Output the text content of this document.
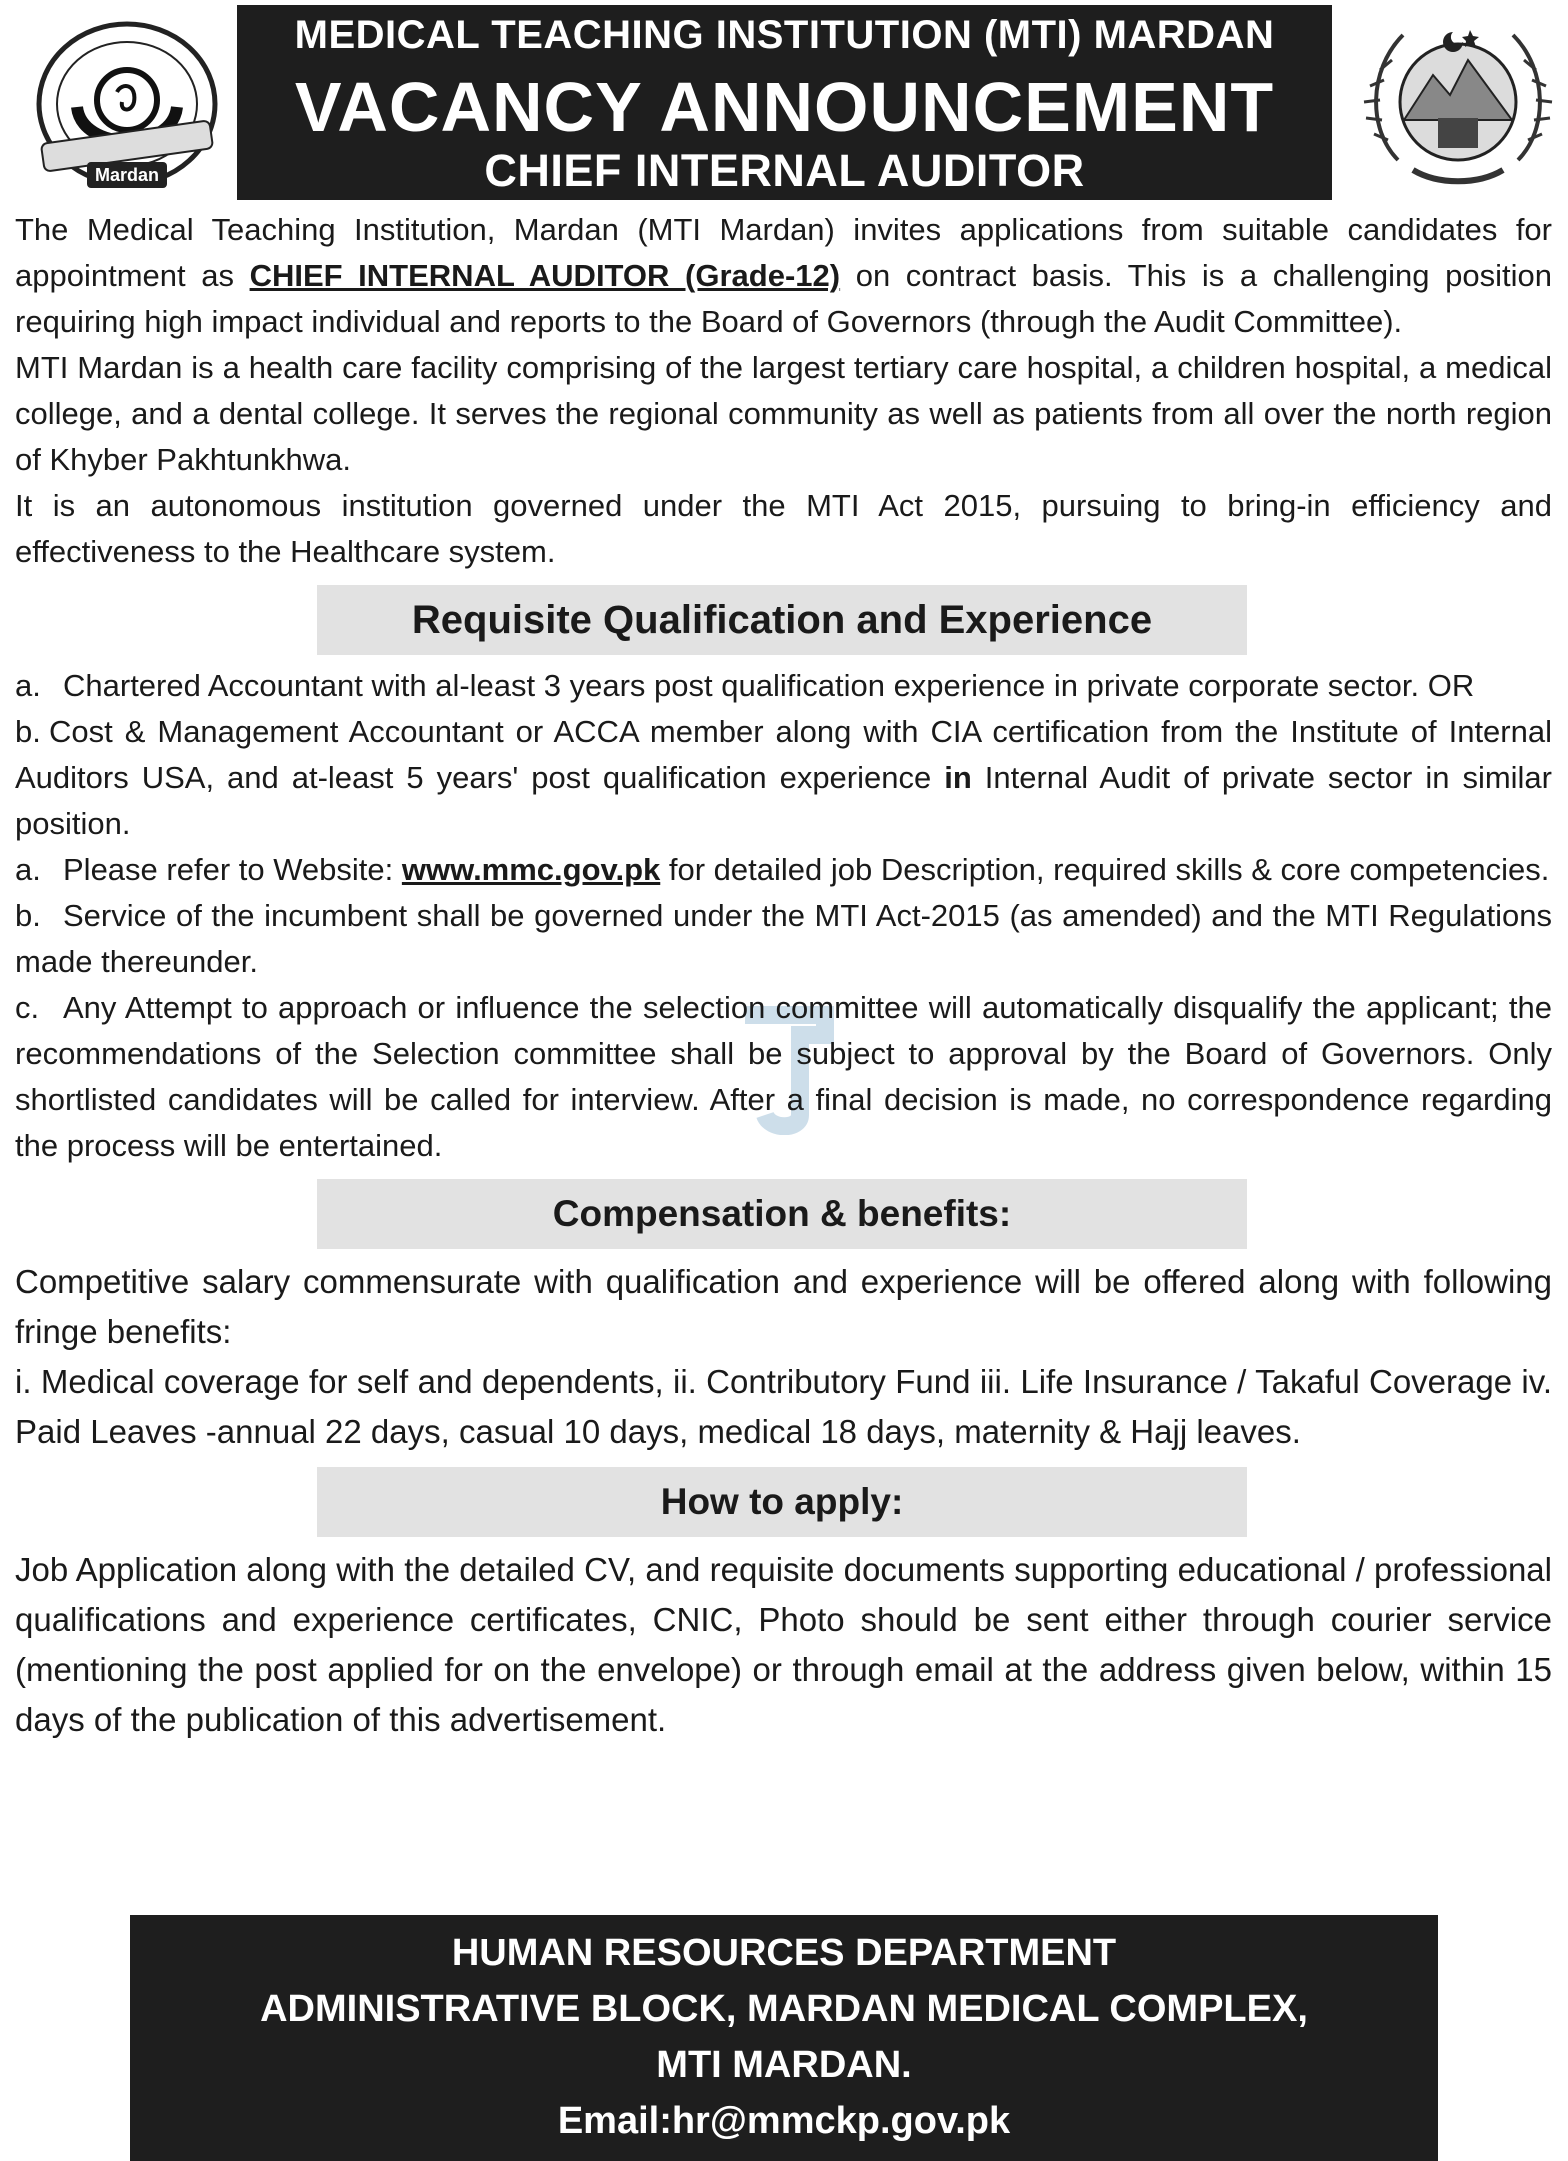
Mardan
MEDICAL TEACHING INSTITUTION (MTI) MARDAN
VACANCY ANNOUNCEMENT
CHIEF INTERNAL AUDITOR

The Medical Teaching Institution, Mardan (MTI Mardan) invites applications from suitable candidates for appointment as CHIEF INTERNAL AUDITOR (Grade-12) on contract basis. This is a challenging position requiring high impact individual and reports to the Board of Governors (through the Audit Committee).

MTI Mardan is a health care facility comprising of the largest tertiary care hospital, a children hospital, a medical college, and a dental college. It serves the regional community as well as patients from all over the north region of Khyber Pakhtunkhwa.

It is an autonomous institution governed under the MTI Act 2015, pursuing to bring-in efficiency and effectiveness to the Healthcare system.

Requisite Qualification and Experience

a. Chartered Accountant with al-least 3 years post qualification experience in private corporate sector. OR

b. Cost & Management Accountant or ACCA member along with CIA certification from the Institute of Internal Auditors USA, and at-least 5 years' post qualification experience in Internal Audit of private sector in similar position.

a. Please refer to Website: www.mmc.gov.pk for detailed job Description, required skills & core competencies.

b. Service of the incumbent shall be governed under the MTI Act-2015 (as amended) and the MTI Regulations made thereunder.

c. Any Attempt to approach or influence the selection committee will automatically disqualify the applicant; the recommendations of the Selection committee shall be subject to approval by the Board of Governors. Only shortlisted candidates will be called for interview. After a final decision is made, no correspondence regarding the process will be entertained.

Compensation & benefits:

Competitive salary commensurate with qualification and experience will be offered along with following fringe benefits:

i. Medical coverage for self and dependents, ii. Contributory Fund iii. Life Insurance / Takaful Coverage iv. Paid Leaves -annual 22 days, casual 10 days, medical 18 days, maternity & Hajj leaves.

How to apply:

Job Application along with the detailed CV, and requisite documents supporting educational / professional qualifications and experience certificates, CNIC, Photo should be sent either through courier service (mentioning the post applied for on the envelope) or through email at the address given below, within 15 days of the publication of this advertisement.

HUMAN RESOURCES DEPARTMENT
ADMINISTRATIVE BLOCK, MARDAN MEDICAL COMPLEX,
MTI MARDAN.
Email:hr@mmckp.gov.pk
